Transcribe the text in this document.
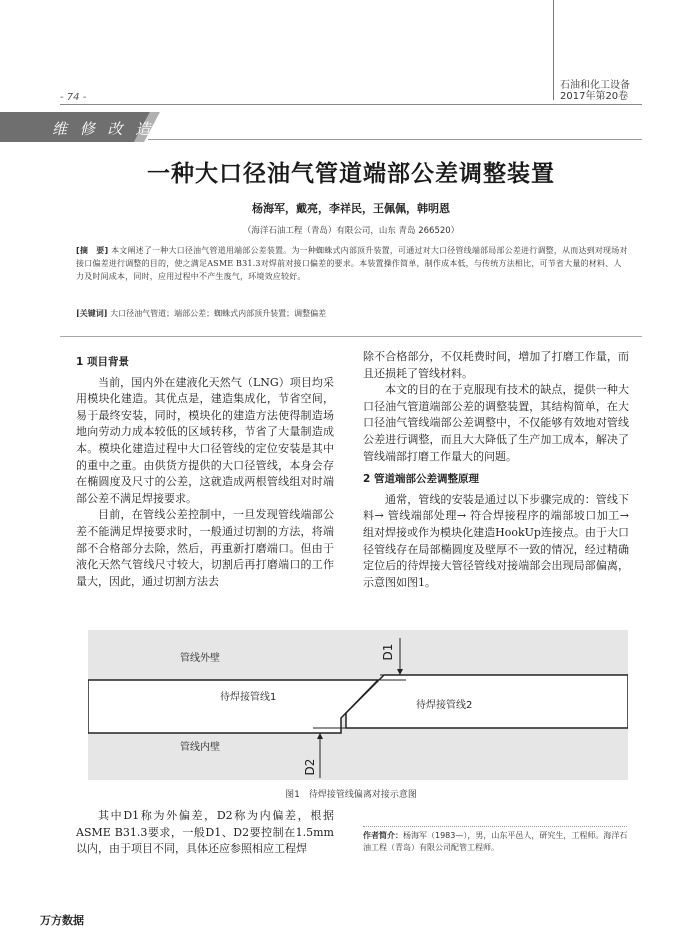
- 74 -
石油和化工设备
2017年第20卷
维 修 改 造
一种大口径油气管道端部公差调整装置
杨海军，戴亮，李祥民，王佩佩，韩明恩
（海洋石油工程（青岛）有限公司，山东 青岛 266520）
[摘　要] 本文阐述了一种大口径油气管道用端部公差装置。为一种蜘蛛式内部顶升装置，可通过对大口径管线端部局部公差进行调整，从而达到对现场对接口偏差进行调整的目的，使之满足ASME B31.3对焊前对接口偏差的要求。本装置操作简单，制作成本低，与传统方法相比，可节省大量的材料、人力及时间成本，同时，应用过程中不产生废气，环境效应较好。
[关键词] 大口径油气管道；端部公差；蜘蛛式内部顶升装置；调整偏差
1 项目背景

当前，国内外在建液化天然气（LNG）项目均采用模块化建造。其优点是，建造集成化，节省空间，易于最终安装，同时，模块化的建造方法使得制造场地向劳动力成本较低的区域转移，节省了大量制造成本。模块化建造过程中大口径管线的定位安装是其中的重中之重。由供货方提供的大口径管线，本身会存在椭圆度及尺寸的公差，这就造成两根管线组对时端部公差不满足焊接要求。

目前，在管线公差控制中，一旦发现管线端部公差不能满足焊接要求时，一般通过切割的方法，将端部不合格部分去除，然后，再重新打磨端口。但由于液化天然气管线尺寸较大，切割后再打磨端口的工作量大，因此，通过切割方法去

除不合格部分，不仅耗费时间，增加了打磨工作量，而且还损耗了管线材料。

本文的目的在于克服现有技术的缺点，提供一种大口径油气管道端部公差的调整装置，其结构简单，在大口径油气管线端部公差调整中，不仅能够有效地对管线公差进行调整，而且大大降低了生产加工成本，解决了管线端部打磨工作量大的问题。

2 管道端部公差调整原理

通常，管线的安装是通过以下步骤完成的：管线下料→ 管线端部处理→ 符合焊接程序的端部坡口加工→ 组对焊接或作为模块化建造HookUp连接点。由于大口径管线存在局部椭圆度及壁厚不一致的情况，经过精确定位后的待焊接大管径管线对接端部会出现局部偏离，示意图如图1。

D1
D2
管线外壁
待焊接管线1
待焊接管线2
管线内壁
图1　待焊接管线偏离对接示意图

其中D1称为外偏差，D2称为内偏差，根据ASME B31.3要求，一般D1、D2要控制在1.5mm以内，由于项目不同，具体还应参照相应工程焊

作者简介：杨海军（1983—），男，山东平邑人，研究生，工程师。海洋石油工程（青岛）有限公司配管工程师。
万方数据
